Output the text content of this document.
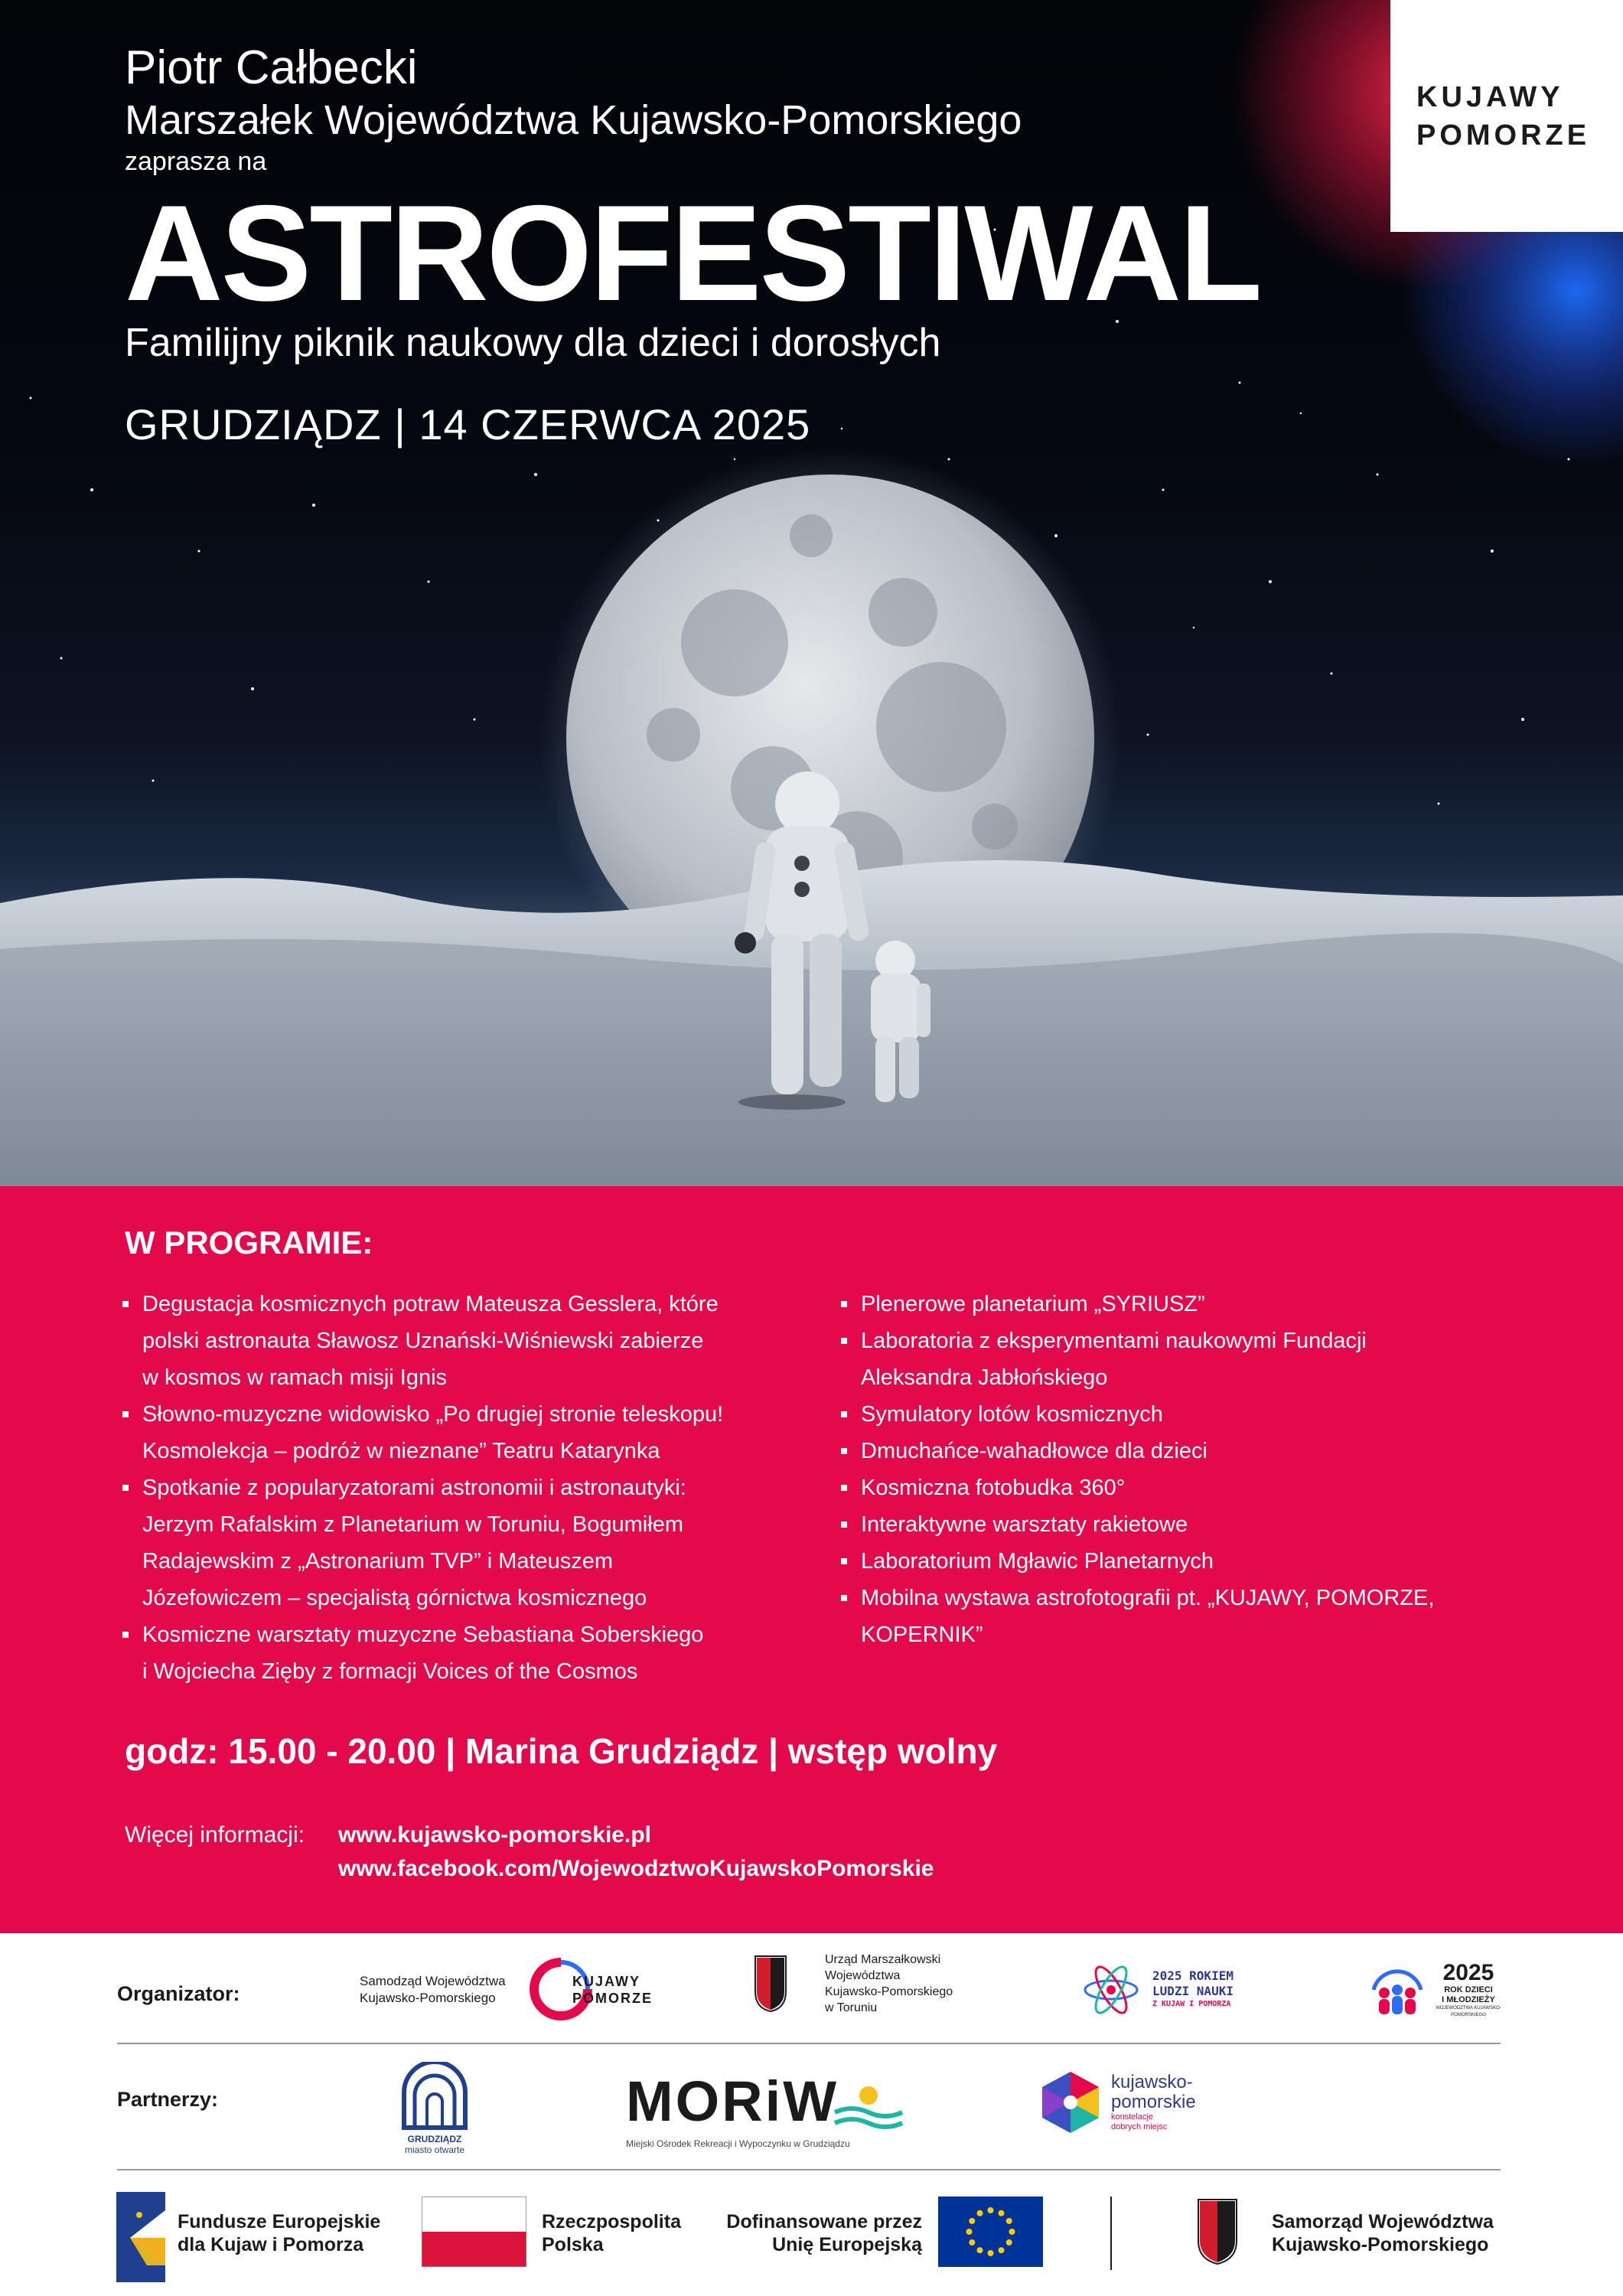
Piotr Całbecki
Marszałek Województwa Kujawsko-Pomorskiego
zaprasza na
ASTROFESTIWAL
Familijny piknik naukowy dla dzieci i dorosłych
GRUDZIĄDZ | 14 CZERWCA 2025
KUJAWY
POMORZE
W PROGRAMIE:
Degustacja kosmicznych potraw Mateusza Gesslera, które
polski astronauta Sławosz Uznański-Wiśniewski zabierze
w kosmos w ramach misji Ignis
Słowno-muzyczne widowisko „Po drugiej stronie teleskopu!
Kosmolekcja – podróż w nieznane” Teatru Katarynka
Spotkanie z popularyzatorami astronomii i astronautyki:
Jerzym Rafalskim z Planetarium w Toruniu, Bogumiłem
Radajewskim z „Astronarium TVP” i Mateuszem
Józefowiczem – specjalistą górnictwa kosmicznego
Kosmiczne warsztaty muzyczne Sebastiana Soberskiego
i Wojciecha Zięby z formacji Voices of the Cosmos
Plenerowe planetarium „SYRIUSZ”
Laboratoria z eksperymentami naukowymi Fundacji
Aleksandra Jabłońskiego
Symulatory lotów kosmicznych
Dmuchańce-wahadłowce dla dzieci
Kosmiczna fotobudka 360°
Interaktywne warsztaty rakietowe
Laboratorium Mgławic Planetarnych
Mobilna wystawa astrofotografii pt. „KUJAWY, POMORZE,
KOPERNIK”
godz: 15.00 - 20.00 | Marina Grudziądz | wstęp wolny
Więcej informacji: www.kujawsko-pomorskie.pl
www.facebook.com/WojewodztwoKujawskoPomorskie
Organizator:
Samodząd Województwa
Kujawsko-Pomorskiego
KUJAWY
POMORZE
Urząd Marszałkowski
Województwa
Kujawsko-Pomorskiego
w Toruniu
2025 ROKIEM
LUDZI NAUKI
Z KUJAW I POMORZA
2025
ROK DZIECI
I MŁODZIEŻY
WOJEWÓDZTWA KUJAWSKO-POMORSKIEGO
Partnerzy:
GRUDZIĄDZ
miasto otwarte
MORiW
Miejski Ośrodek Rekreacji i Wypoczynku w Grudziądzu
kujawsko-
pomorskie
konstelacje
dobrych miejsc
Fundusze Europejskie
dla Kujaw i Pomorza
Rzeczpospolita
Polska
Dofinansowane przez
Unię Europejską
Samorząd Województwa
Kujawsko-Pomorskiego
